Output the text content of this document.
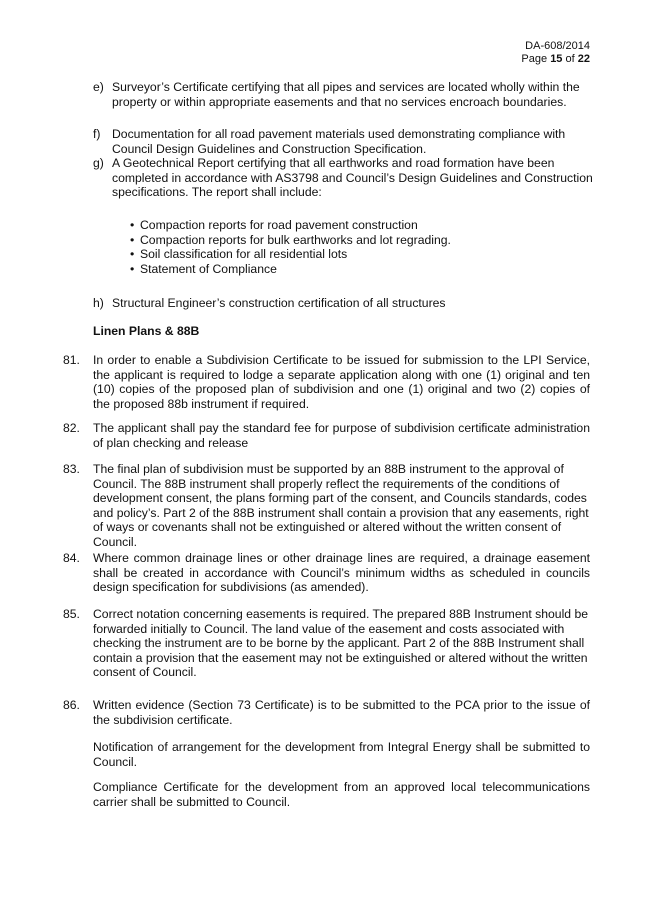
DA-608/2014
Page 15 of 22
e) Surveyor’s Certificate certifying that all pipes and services are located wholly within the property or within appropriate easements and that no services encroach boundaries.
f) Documentation for all road pavement materials used demonstrating compliance with Council Design Guidelines and Construction Specification.
g) A Geotechnical Report certifying that all earthworks and road formation have been completed in accordance with AS3798 and Council’s Design Guidelines and Construction specifications. The report shall include:
• Compaction reports for road pavement construction
• Compaction reports for bulk earthworks and lot regrading.
• Soil classification for all residential lots
• Statement of Compliance
h) Structural Engineer’s construction certification of all structures
Linen Plans & 88B
81.	In order to enable a Subdivision Certificate to be issued for submission to the LPI Service, the applicant is required to lodge a separate application along with one (1) original and ten (10) copies of the proposed plan of subdivision and one (1) original and two (2) copies of the proposed 88b instrument if required.
82.	The applicant shall pay the standard fee for purpose of subdivision certificate administration of plan checking and release
83.	The final plan of subdivision must be supported by an 88B instrument to the approval of Council. The 88B instrument shall properly reflect the requirements of the conditions of development consent, the plans forming part of the consent, and Councils standards, codes and policy’s. Part 2 of the 88B instrument shall contain a provision that any easements, right of ways or covenants shall not be extinguished or altered without the written consent of Council.
84.	Where common drainage lines or other drainage lines are required, a drainage easement shall be created in accordance with Council’s minimum widths as scheduled in councils design specification for subdivisions (as amended).
85.	Correct notation concerning easements is required. The prepared 88B Instrument should be forwarded initially to Council. The land value of the easement and costs associated with checking the instrument are to be borne by the applicant. Part 2 of the 88B Instrument shall contain a provision that the easement may not be extinguished or altered without the written consent of Council.
86.	Written evidence (Section 73 Certificate) is to be submitted to the PCA prior to the issue of the subdivision certificate.
Notification of arrangement for the development from Integral Energy shall be submitted to Council.
Compliance Certificate for the development from an approved local telecommunications carrier shall be submitted to Council.
